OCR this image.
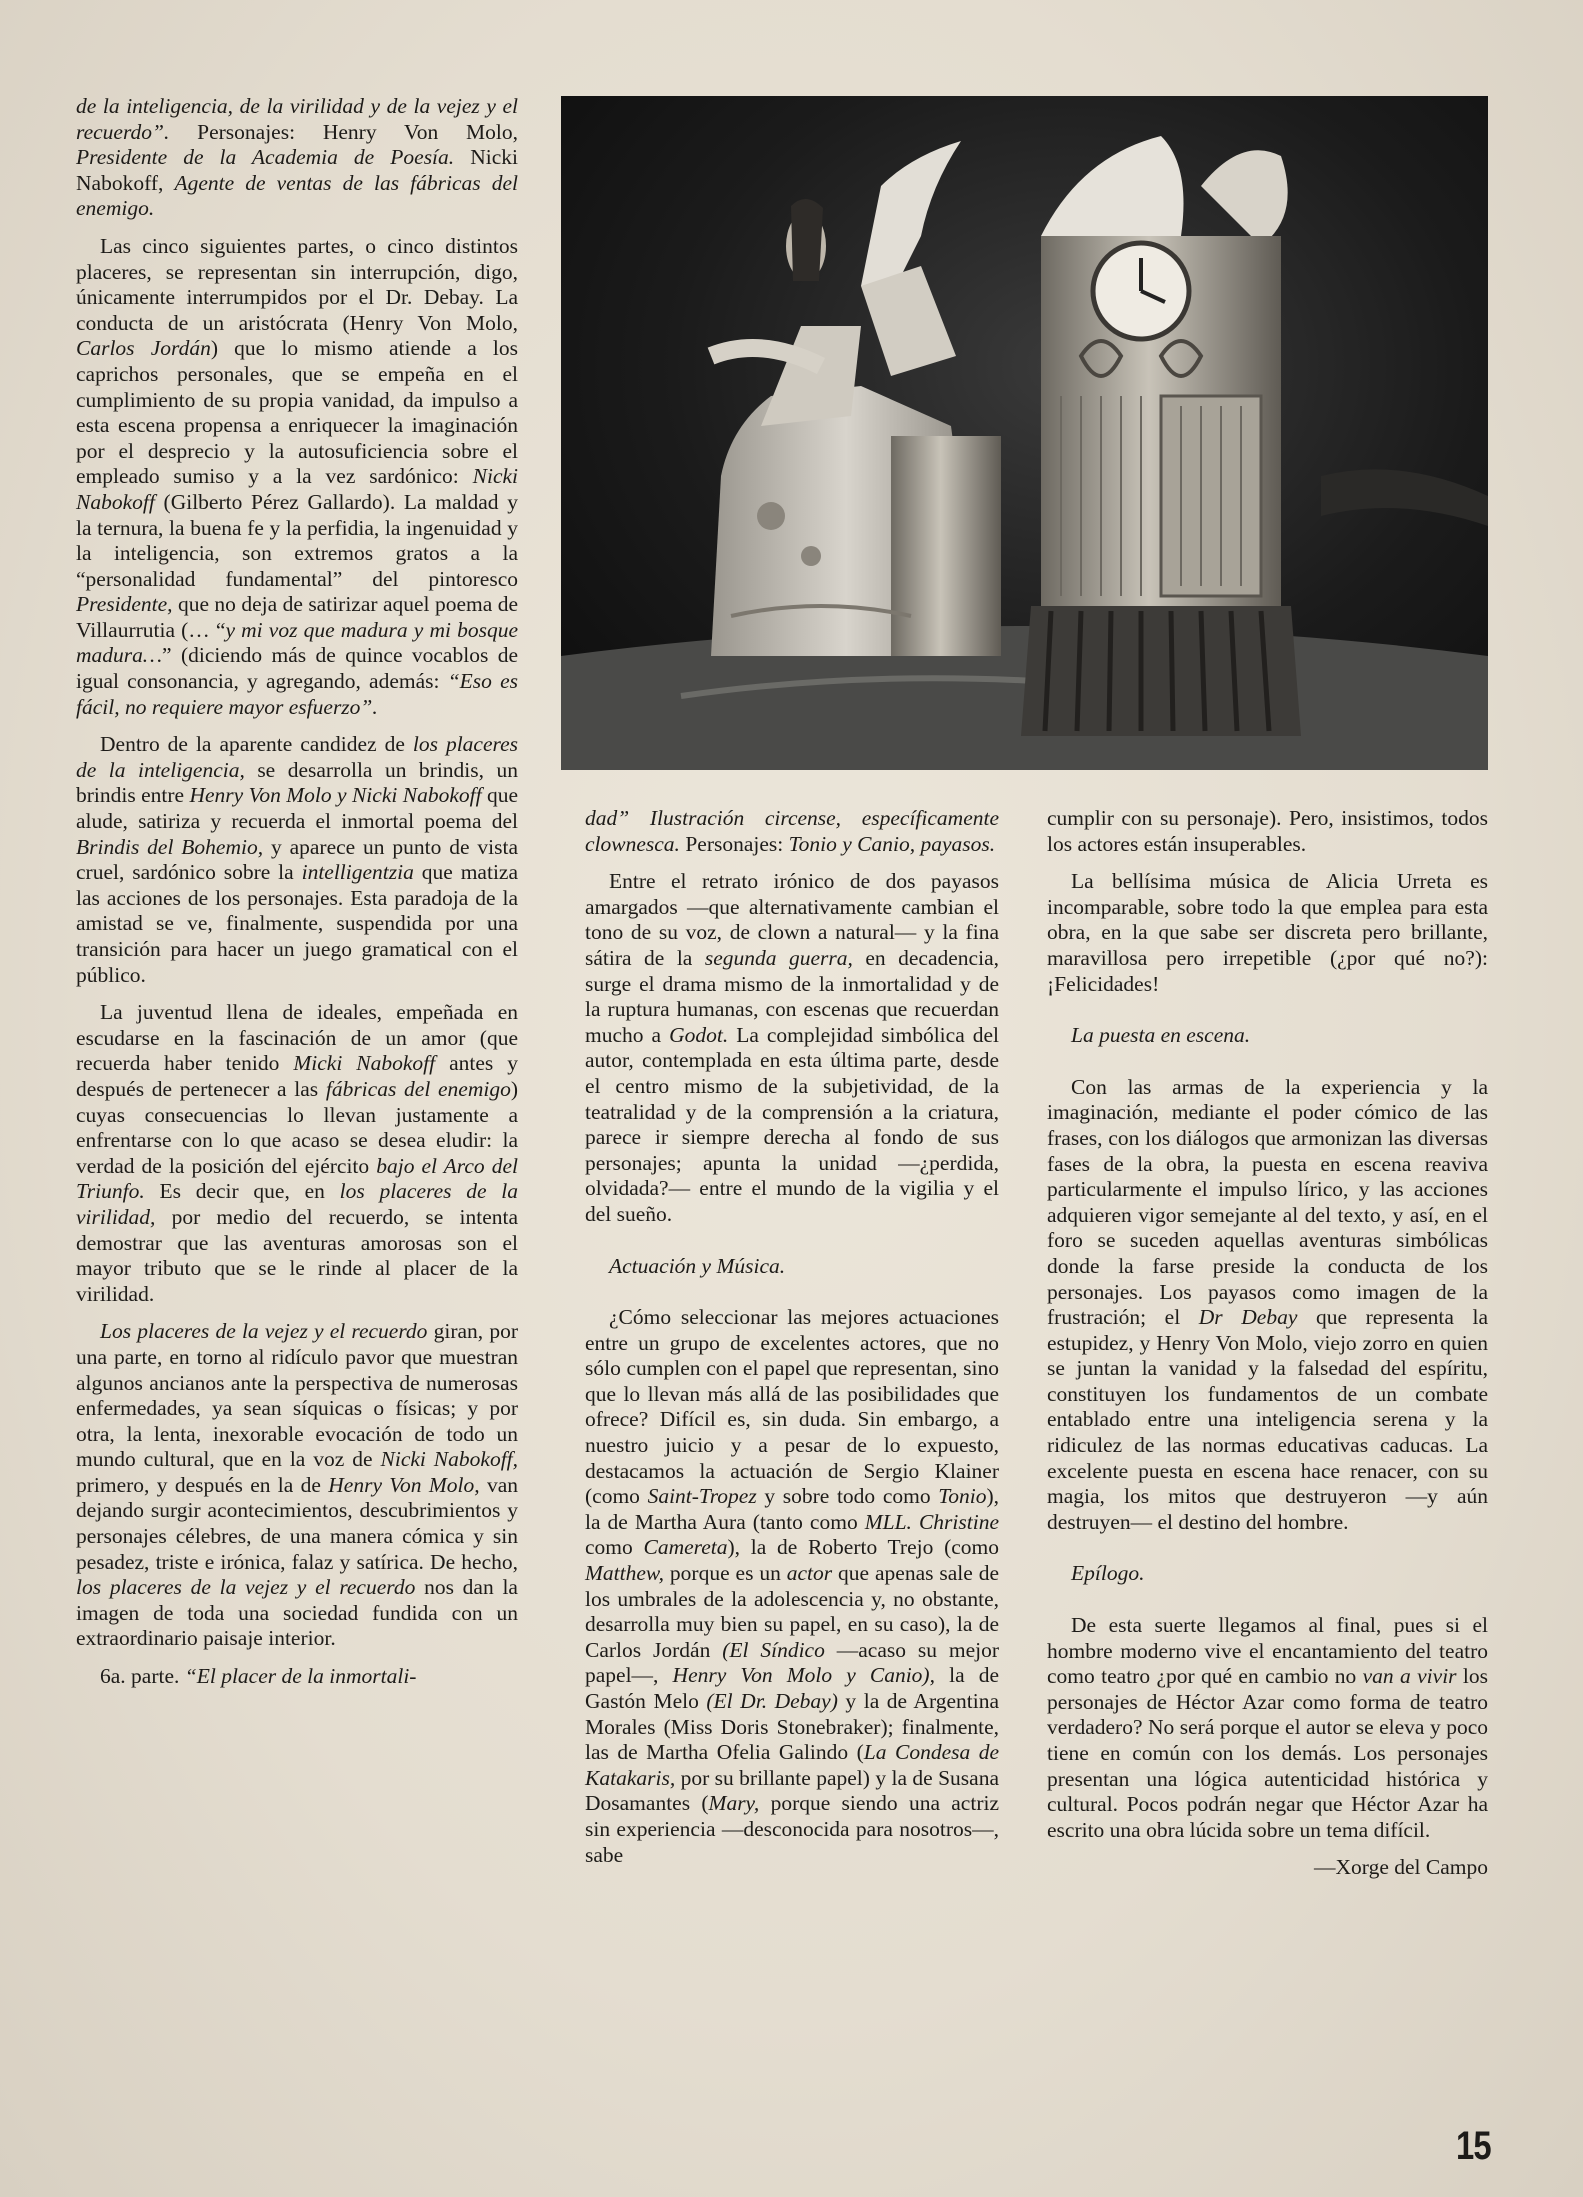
de la inteligencia, de la virilidad y de la vejez y el recuerdo”. Personajes: Henry Von Molo, Presidente de la Academia de Poesía. Nicki Nabokoff, Agente de ventas de las fábricas del enemigo.

Las cinco siguientes partes, o cinco distintos placeres, se representan sin interrupción, digo, únicamente interrumpidos por el Dr. Debay. La conducta de un aristócrata (Henry Von Molo, Carlos Jordán) que lo mismo atiende a los caprichos personales, que se empeña en el cumplimiento de su propia vanidad, da impulso a esta escena propensa a enriquecer la imaginación por el desprecio y la autosuficiencia sobre el empleado sumiso y a la vez sardónico: Nicki Nabokoff (Gilberto Pérez Gallardo). La maldad y la ternura, la buena fe y la perfidia, la ingenuidad y la inteligencia, son extremos gratos a la “personalidad fundamental” del pintoresco Presidente, que no deja de satirizar aquel poema de Villaurrutia (… “y mi voz que madura y mi bosque madura…” (diciendo más de quince vocablos de igual consonancia, y agregando, además: “Eso es fácil, no requiere mayor esfuerzo”.

Dentro de la aparente candidez de los placeres de la inteligencia, se desarrolla un brindis, un brindis entre Henry Von Molo y Nicki Nabokoff que alude, satiriza y recuerda el inmortal poema del Brindis del Bohemio, y aparece un punto de vista cruel, sardónico sobre la intelligentzia que matiza las acciones de los personajes. Esta paradoja de la amistad se ve, finalmente, suspendida por una transición para hacer un juego gramatical con el público.

La juventud llena de ideales, empeñada en escudarse en la fascinación de un amor (que recuerda haber tenido Micki Nabokoff antes y después de pertenecer a las fábricas del enemigo) cuyas consecuencias lo llevan justamente a enfrentarse con lo que acaso se desea eludir: la verdad de la posición del ejército bajo el Arco del Triunfo. Es decir que, en los placeres de la virilidad, por medio del recuerdo, se intenta demostrar que las aventuras amorosas son el mayor tributo que se le rinde al placer de la virilidad.

Los placeres de la vejez y el recuerdo giran, por una parte, en torno al ridículo pavor que muestran algunos ancianos ante la perspectiva de numerosas enfermedades, ya sean síquicas o físicas; y por otra, la lenta, inexorable evocación de todo un mundo cultural, que en la voz de Nicki Nabokoff, primero, y después en la de Henry Von Molo, van dejando surgir acontecimientos, descubrimientos y personajes célebres, de una manera cómica y sin pesadez, triste e irónica, falaz y satírica. De hecho, los placeres de la vejez y el recuerdo nos dan la imagen de toda una sociedad fundida con un extraordinario paisaje interior.

6a. parte. “El placer de la inmortali-

dad” Ilustración circense, específicamente clownesca. Personajes: Tonio y Canio, payasos.

Entre el retrato irónico de dos payasos amargados —que alternativamente cambian el tono de su voz, de clown a natural— y la fina sátira de la segunda guerra, en decadencia, surge el drama mismo de la inmortalidad y de la ruptura humanas, con escenas que recuerdan mucho a Godot. La complejidad simbólica del autor, contemplada en esta última parte, desde el centro mismo de la subjetividad, de la teatralidad y de la comprensión a la criatura, parece ir siempre derecha al fondo de sus personajes; apunta la unidad —¿perdida, olvidada?— entre el mundo de la vigilia y el del sueño.

Actuación y Música.

¿Cómo seleccionar las mejores actuaciones entre un grupo de excelentes actores, que no sólo cumplen con el papel que representan, sino que lo llevan más allá de las posibilidades que ofrece? Difícil es, sin duda. Sin embargo, a nuestro juicio y a pesar de lo expuesto, destacamos la actuación de Sergio Klainer (como Saint-Tropez y sobre todo como Tonio), la de Martha Aura (tanto como MLL. Christine como Camereta), la de Roberto Trejo (como Matthew, porque es un actor que apenas sale de los umbrales de la adolescencia y, no obstante, desarrolla muy bien su papel, en su caso), la de Carlos Jordán (El Síndico —acaso su mejor papel—, Henry Von Molo y Canio), la de Gastón Melo (El Dr. Debay) y la de Argentina Morales (Miss Doris Stonebraker); finalmente, las de Martha Ofelia Galindo (La Condesa de Katakaris, por su brillante papel) y la de Susana Dosamantes (Mary, porque siendo una actriz sin experiencia —desconocida para nosotros—, sabe

cumplir con su personaje). Pero, insistimos, todos los actores están insuperables.

La bellísima música de Alicia Urreta es incomparable, sobre todo la que emplea para esta obra, en la que sabe ser discreta pero brillante, maravillosa pero irrepetible (¿por qué no?): ¡Felicidades!

La puesta en escena.

Con las armas de la experiencia y la imaginación, mediante el poder cómico de las frases, con los diálogos que armonizan las diversas fases de la obra, la puesta en escena reaviva particularmente el impulso lírico, y las acciones adquieren vigor semejante al del texto, y así, en el foro se suceden aquellas aventuras simbólicas donde la farse preside la conducta de los personajes. Los payasos como imagen de la frustración; el Dr Debay que representa la estupidez, y Henry Von Molo, viejo zorro en quien se juntan la vanidad y la falsedad del espíritu, constituyen los fundamentos de un combate entablado entre una inteligencia serena y la ridiculez de las normas educativas caducas. La excelente puesta en escena hace renacer, con su magia, los mitos que destruyeron —y aún destruyen— el destino del hombre.

Epílogo.

De esta suerte llegamos al final, pues si el hombre moderno vive el encantamiento del teatro como teatro ¿por qué en cambio no van a vivir los personajes de Héctor Azar como forma de teatro verdadero? No será porque el autor se eleva y poco tiene en común con los demás. Los personajes presentan una lógica autenticidad histórica y cultural. Pocos podrán negar que Héctor Azar ha escrito una obra lúcida sobre un tema difícil.

—Xorge del Campo

15
